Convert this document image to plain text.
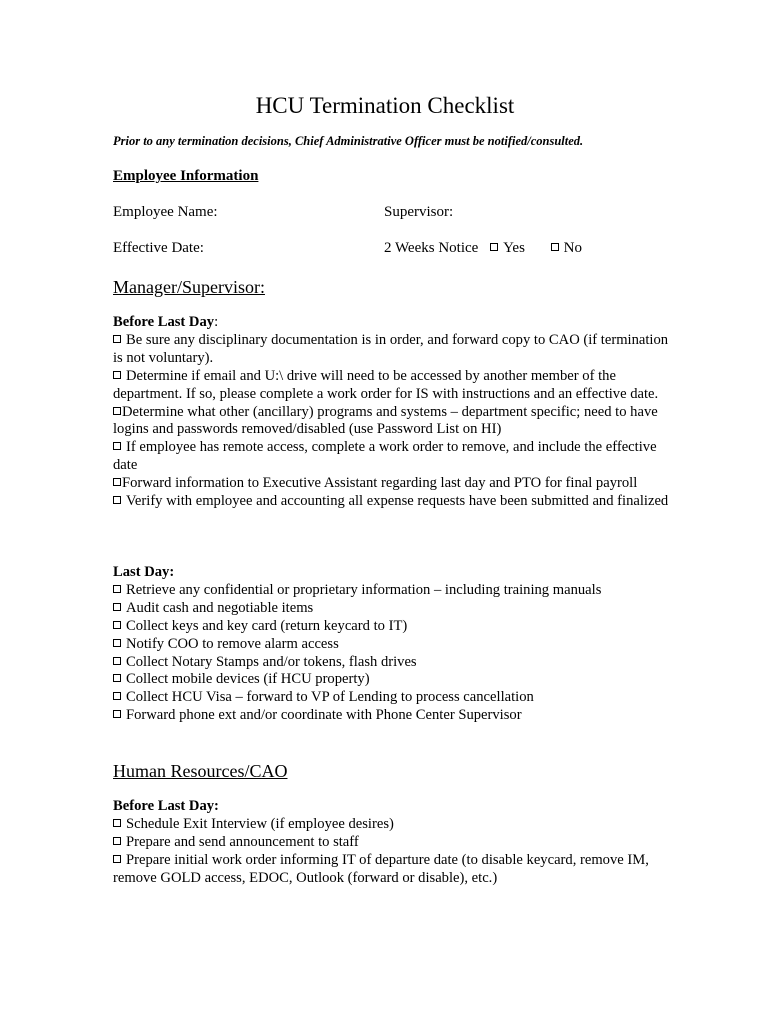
HCU Termination Checklist
Prior to any termination decisions, Chief Administrative Officer must be notified/consulted.
Employee Information
Employee Name:	Supervisor:
Effective Date:	2 Weeks Notice Yes	No
Manager/Supervisor:
Before Last Day:
Be sure any disciplinary documentation is in order, and forward copy to CAO (if termination is not voluntary).
Determine if email and U:\ drive will need to be accessed by another member of the department. If so, please complete a work order for IS with instructions and an effective date.
Determine what other (ancillary) programs and systems – department specific; need to have logins and passwords removed/disabled (use Password List on HI)
If employee has remote access, complete a work order to remove, and include the effective date
Forward information to Executive Assistant regarding last day and PTO for final payroll
Verify with employee and accounting all expense requests have been submitted and finalized
Last Day:
Retrieve any confidential or proprietary information – including training manuals
Audit cash and negotiable items
Collect keys and key card (return keycard to IT)
Notify COO to remove alarm access
Collect Notary Stamps and/or tokens, flash drives
Collect mobile devices (if HCU property)
Collect HCU Visa – forward to VP of Lending to process cancellation
Forward phone ext and/or coordinate with Phone Center Supervisor
Human Resources/CAO
Before Last Day:
Schedule Exit Interview (if employee desires)
Prepare and send announcement to staff
Prepare initial work order informing IT of departure date (to disable keycard, remove IM, remove GOLD access, EDOC, Outlook (forward or disable), etc.)
